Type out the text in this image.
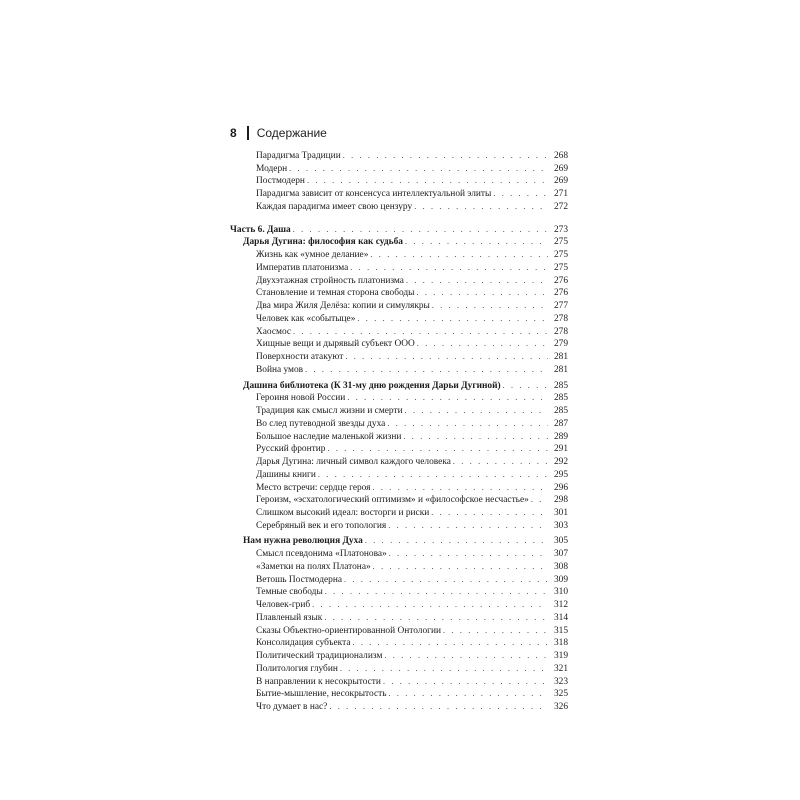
8 Содержание
Парадигма Традиции . . .	268
Модерн . . .	269
Постмодерн . . .	269
Парадигма зависит от консенсуса интеллектуальной элиты . . .	271
Каждая парадигма имеет свою цензуру . . .	272
Часть 6. Даша . . .	273
Дарья Дугина: философия как судьба . . .	275
Жизнь как «умное делание» . . .	275
Императив платонизма . . .	275
Двухэтажная стройность платонизма . . .	276
Становление и темная сторона свободы . . .	276
Два мира Жиля Делёза: копии и симулякры . . .	277
Человек как «событыце» . . .	278
Хаосмос . . .	278
Хищные вещи и дырявый субъект ООО . . .	279
Поверхности атакуют . . .	281
Война умов . . .	281
Дашина библиотека (К 31-му дню рождения Дарьи Дугиной) . . .	285
Героиня новой России . . .	285
Традиция как смысл жизни и смерти . . .	285
Во след путеводной звезды духа . . .	287
Большое наследие маленькой жизни . . .	289
Русский фронтир . . .	291
Дарья Дугина: личный символ каждого человека . . .	292
Дашины книги . . .	295
Место встречи: сердце героя . . .	296
Героизм, «эсхатологический оптимизм» и «философское несчастье» . . .	298
Слишком высокий идеал: восторги и риски . . .	301
Серебряный век и его топология . . .	303
Нам нужна революция Духа . . .	305
Смысл псевдонима «Платонова» . . .	307
«Заметки на полях Платона» . . .	308
Ветошь Постмодерна . . .	309
Темные свободы . . .	310
Человек-гриб . . .	312
Плавленый язык . . .	314
Сказы Объектно-ориентированной Онтологии . . .	315
Консолидация субъекта . . .	318
Политический традиционализм . . .	319
Политология глубин . . .	321
В направлении к несокрытости . . .	323
Бытие-мышление, несокрытость . . .	325
Что думает в нас? . . .	326
